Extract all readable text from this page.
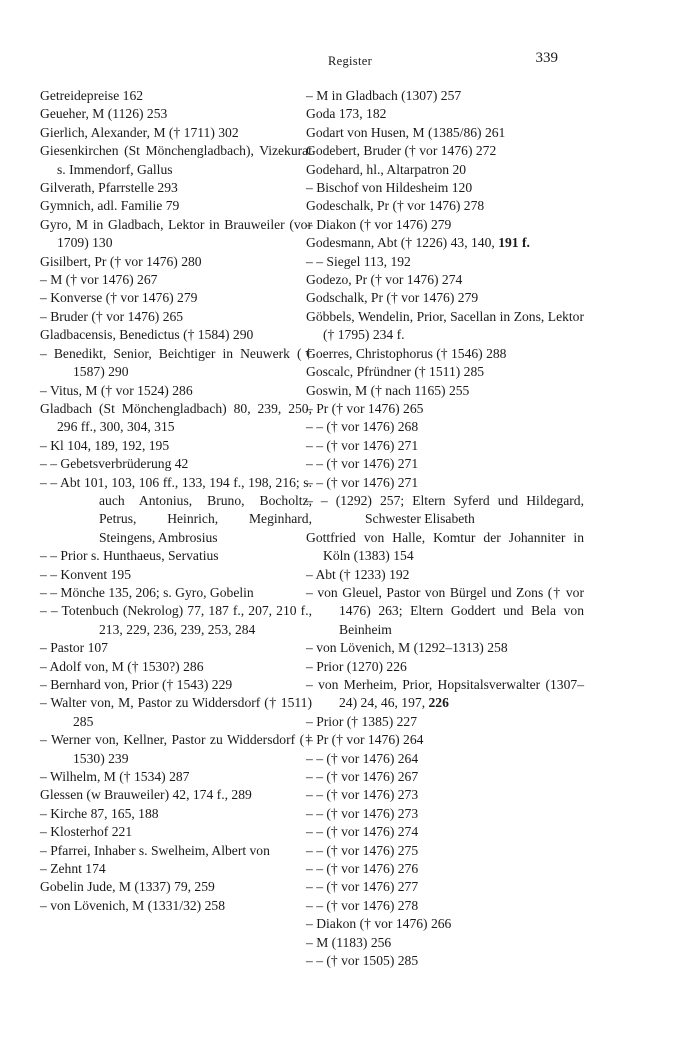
Register	339
Getreidepreise 162
Geueher, M (1126) 253
Gierlich, Alexander, M († 1711) 302
Giesenkirchen (St Mönchengladbach), Vizekurat s. Immendorf, Gallus
Gilverath, Pfarrstelle 293
Gymnich, adl. Familie 79
Gyro, M in Gladbach, Lektor in Brauweiler (vor 1709) 130
Gisilbert, Pr († vor 1476) 280
– M († vor 1476) 267
– Konverse († vor 1476) 279
– Bruder († vor 1476) 265
Gladbacensis, Benedictus († 1584) 290
– Benedikt, Senior, Beichtiger in Neuwerk († 1587) 290
– Vitus, M († vor 1524) 286
Gladbach (St Mönchengladbach) 80, 239, 250, 296 ff., 300, 304, 315
– Kl 104, 189, 192, 195
– – Gebetsverbrüderung 42
– – Abt 101, 103, 106 ff., 133, 194 f., 198, 216; s. auch Antonius, Bruno, Bocholtz, Petrus, Heinrich, Meginhard, Steingens, Ambrosius
– – Prior s. Hunthaeus, Servatius
– – Konvent 195
– – Mönche 135, 206; s. Gyro, Gobelin
– – Totenbuch (Nekrolog) 77, 187 f., 207, 210 f., 213, 229, 236, 239, 253, 284
– Pastor 107
– Adolf von, M († 1530?) 286
– Bernhard von, Prior († 1543) 229
– Walter von, M, Pastor zu Widdersdorf († 1511) 285
– Werner von, Kellner, Pastor zu Widdersdorf († 1530) 239
– Wilhelm, M († 1534) 287
Glessen (w Brauweiler) 42, 174 f., 289
– Kirche 87, 165, 188
– Klosterhof 221
– Pfarrei, Inhaber s. Swelheim, Albert von
– Zehnt 174
Gobelin Jude, M (1337) 79, 259
– von Lövenich, M (1331/32) 258
– M in Gladbach (1307) 257
Goda 173, 182
Godart von Husen, M (1385/86) 261
Godebert, Bruder († vor 1476) 272
Godehard, hl., Altarpatron 20
– Bischof von Hildesheim 120
Godeschalk, Pr († vor 1476) 278
– Diakon († vor 1476) 279
Godesmann, Abt († 1226) 43, 140, 191 f.
– – Siegel 113, 192
Godezo, Pr († vor 1476) 274
Godschalk, Pr († vor 1476) 279
Göbbels, Wendelin, Prior, Sacellan in Zons, Lektor († 1795) 234 f.
Goerres, Christophorus († 1546) 288
Goscalc, Pfründner († 1511) 285
Goswin, M († nach 1165) 255
– Pr († vor 1476) 265
– – († vor 1476) 268
– – († vor 1476) 271
– – († vor 1476) 271
– – († vor 1476) 271
– – (1292) 257; Eltern Syferd und Hildegard, Schwester Elisabeth
Gottfried von Halle, Komtur der Johanniter in Köln (1383) 154
– Abt († 1233) 192
– von Gleuel, Pastor von Bürgel und Zons († vor 1476) 263; Eltern Goddert und Bela von Beinheim
– von Lövenich, M (1292–1313) 258
– Prior (1270) 226
– von Merheim, Prior, Hopsitalsverwalter (1307–24) 24, 46, 197, 226
– Prior († 1385) 227
– Pr († vor 1476) 264
– – († vor 1476) 264
– – († vor 1476) 267
– – († vor 1476) 273
– – († vor 1476) 273
– – († vor 1476) 274
– – († vor 1476) 275
– – († vor 1476) 276
– – († vor 1476) 277
– – († vor 1476) 278
– Diakon († vor 1476) 266
– M (1183) 256
– – († vor 1505) 285
